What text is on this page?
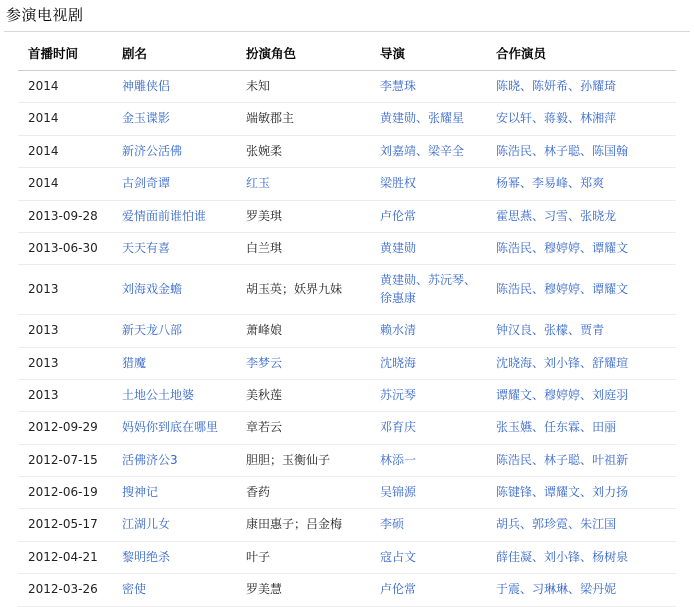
参演电视剧
首播时间	剧名	扮演角色	导演	合作演员
2014	神雕侠侣	未知	李慧珠	陈晓、陈妍希、孙耀琦
2014	金玉谍影	端敏郡主	黄建勋、张耀星	安以轩、蒋毅、林湘萍
2014	新济公活佛	张婉柔	刘嘉靖、梁辛全	陈浩民、林子聪、陈国翰
2014	古剑奇谭	红玉	梁胜权	杨幂、李易峰、郑爽
2013-09-28	爱情面前谁怕谁	罗美琪	卢伦常	霍思燕、习雪、张晓龙
2013-06-30	天天有喜	白兰琪	黄建勋	陈浩民、穆婷婷、谭耀文
2013	刘海戏金蟾	胡玉英；妖界九妹	黄建勋、苏沅琴、徐惠康	陈浩民、穆婷婷、谭耀文
2013	新天龙八部	萧峰娘	赖水清	钟汉良、张檬、贾青
2013	猎魔	李梦云	沈晓海	沈晓海、刘小锋、舒耀瑄
2013	土地公土地婆	美秋莲	苏沅琴	谭耀文、穆婷婷、刘庭羽
2012-09-29	妈妈你到底在哪里	章若云	邓育庆	张玉嬿、任东霖、田丽
2012-07-15	活佛济公3	胆胆；玉衡仙子	林添一	陈浩民、林子聪、叶祖新
2012-06-19	搜神记	香药	吴锦源	陈键锋、谭耀文、刘力扬
2012-05-17	江湖儿女	康田惠子；吕金梅	李硕	胡兵、郭珍霓、朱江国
2012-04-21	黎明绝杀	叶子	寇占文	薛佳凝、刘小锋、杨树泉
2012-03-26	密使	罗美慧	卢伦常	于震、习琳琳、梁丹妮
